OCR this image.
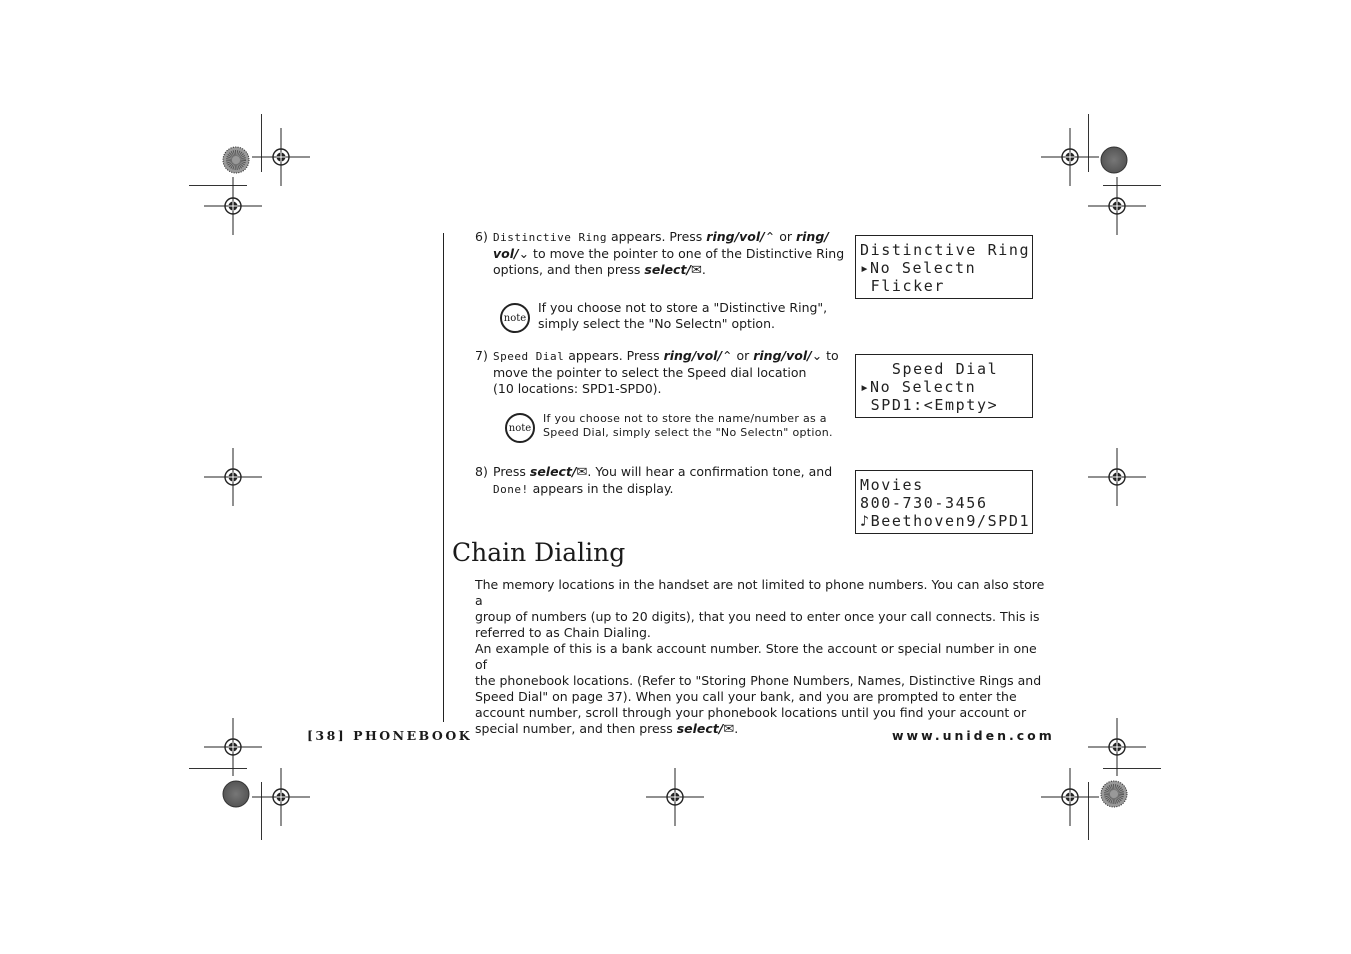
6) Distinctive Ring appears. Press ring/vol/⌃ or ring/
vol/⌄ to move the pointer to one of the Distinctive Ring
options, and then press select/✉.
Distinctive Ring
▸No Selectn
Flicker
note
If you choose not to store a "Distinctive Ring",
simply select the "No Selectn" option.
7) Speed Dial appears. Press ring/vol/⌃ or ring/vol/⌄ to
move the pointer to select the Speed dial location
(10 locations: SPD1-SPD0).
Speed Dial
▸No Selectn
SPD1:<Empty>
note
If you choose not to store the name/number as a
Speed Dial, simply select the "No Selectn" option.
8) Press select/✉. You will hear a confirmation tone, and
Done! appears in the display.	Movies
800-730-3456
♪Beethoven9/SPD1
Chain Dialing
The memory locations in the handset are not limited to phone numbers. You can also store a
group of numbers (up to 20 digits), that you need to enter once your call connects. This is
referred to as Chain Dialing.
An example of this is a bank account number. Store the account or special number in one of
the phonebook locations. (Refer to "Storing Phone Numbers, Names, Distinctive Rings and
Speed Dial" on page 37). When you call your bank, and you are prompted to enter the
account number, scroll through your phonebook locations until you find your account or
special number, and then press select/✉.
[38] PHONEBOOK	www.uniden.com
